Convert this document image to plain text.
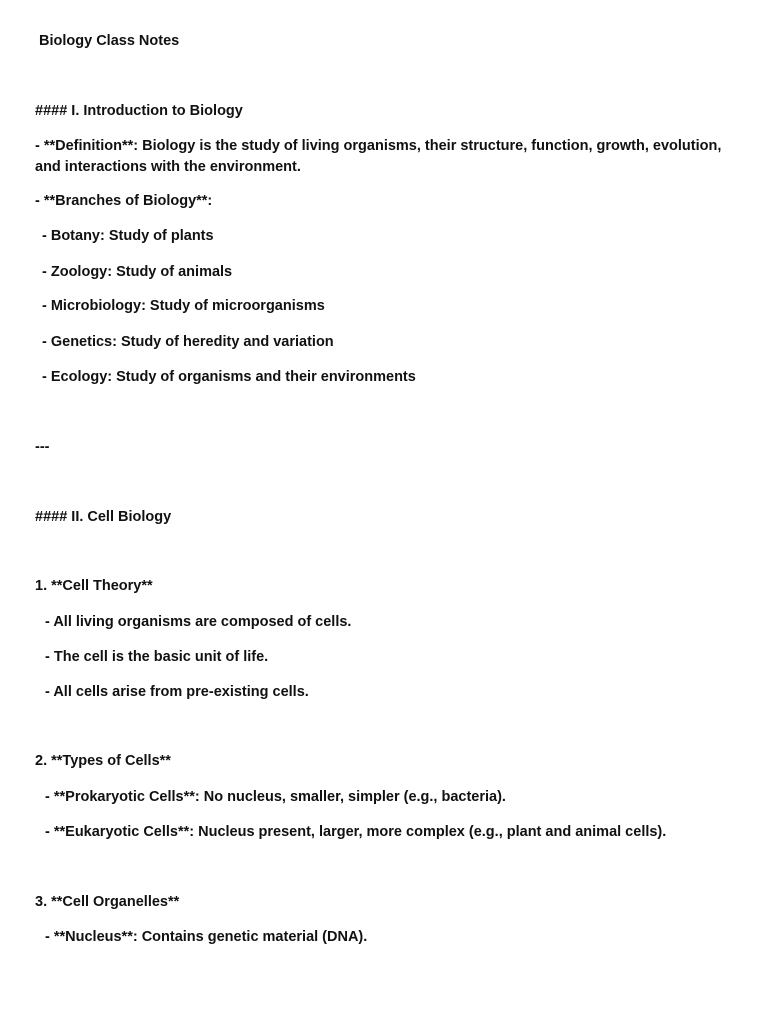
Biology Class Notes
#### I. Introduction to Biology
- **Definition**: Biology is the study of living organisms, their structure, function, growth, evolution, and interactions with the environment.
- **Branches of Biology**:
- Botany: Study of plants
- Zoology: Study of animals
- Microbiology: Study of microorganisms
- Genetics: Study of heredity and variation
- Ecology: Study of organisms and their environments
---
#### II. Cell Biology
1. **Cell Theory**
- All living organisms are composed of cells.
- The cell is the basic unit of life.
- All cells arise from pre-existing cells.
2. **Types of Cells**
- **Prokaryotic Cells**: No nucleus, smaller, simpler (e.g., bacteria).
- **Eukaryotic Cells**: Nucleus present, larger, more complex (e.g., plant and animal cells).
3. **Cell Organelles**
- **Nucleus**: Contains genetic material (DNA).
